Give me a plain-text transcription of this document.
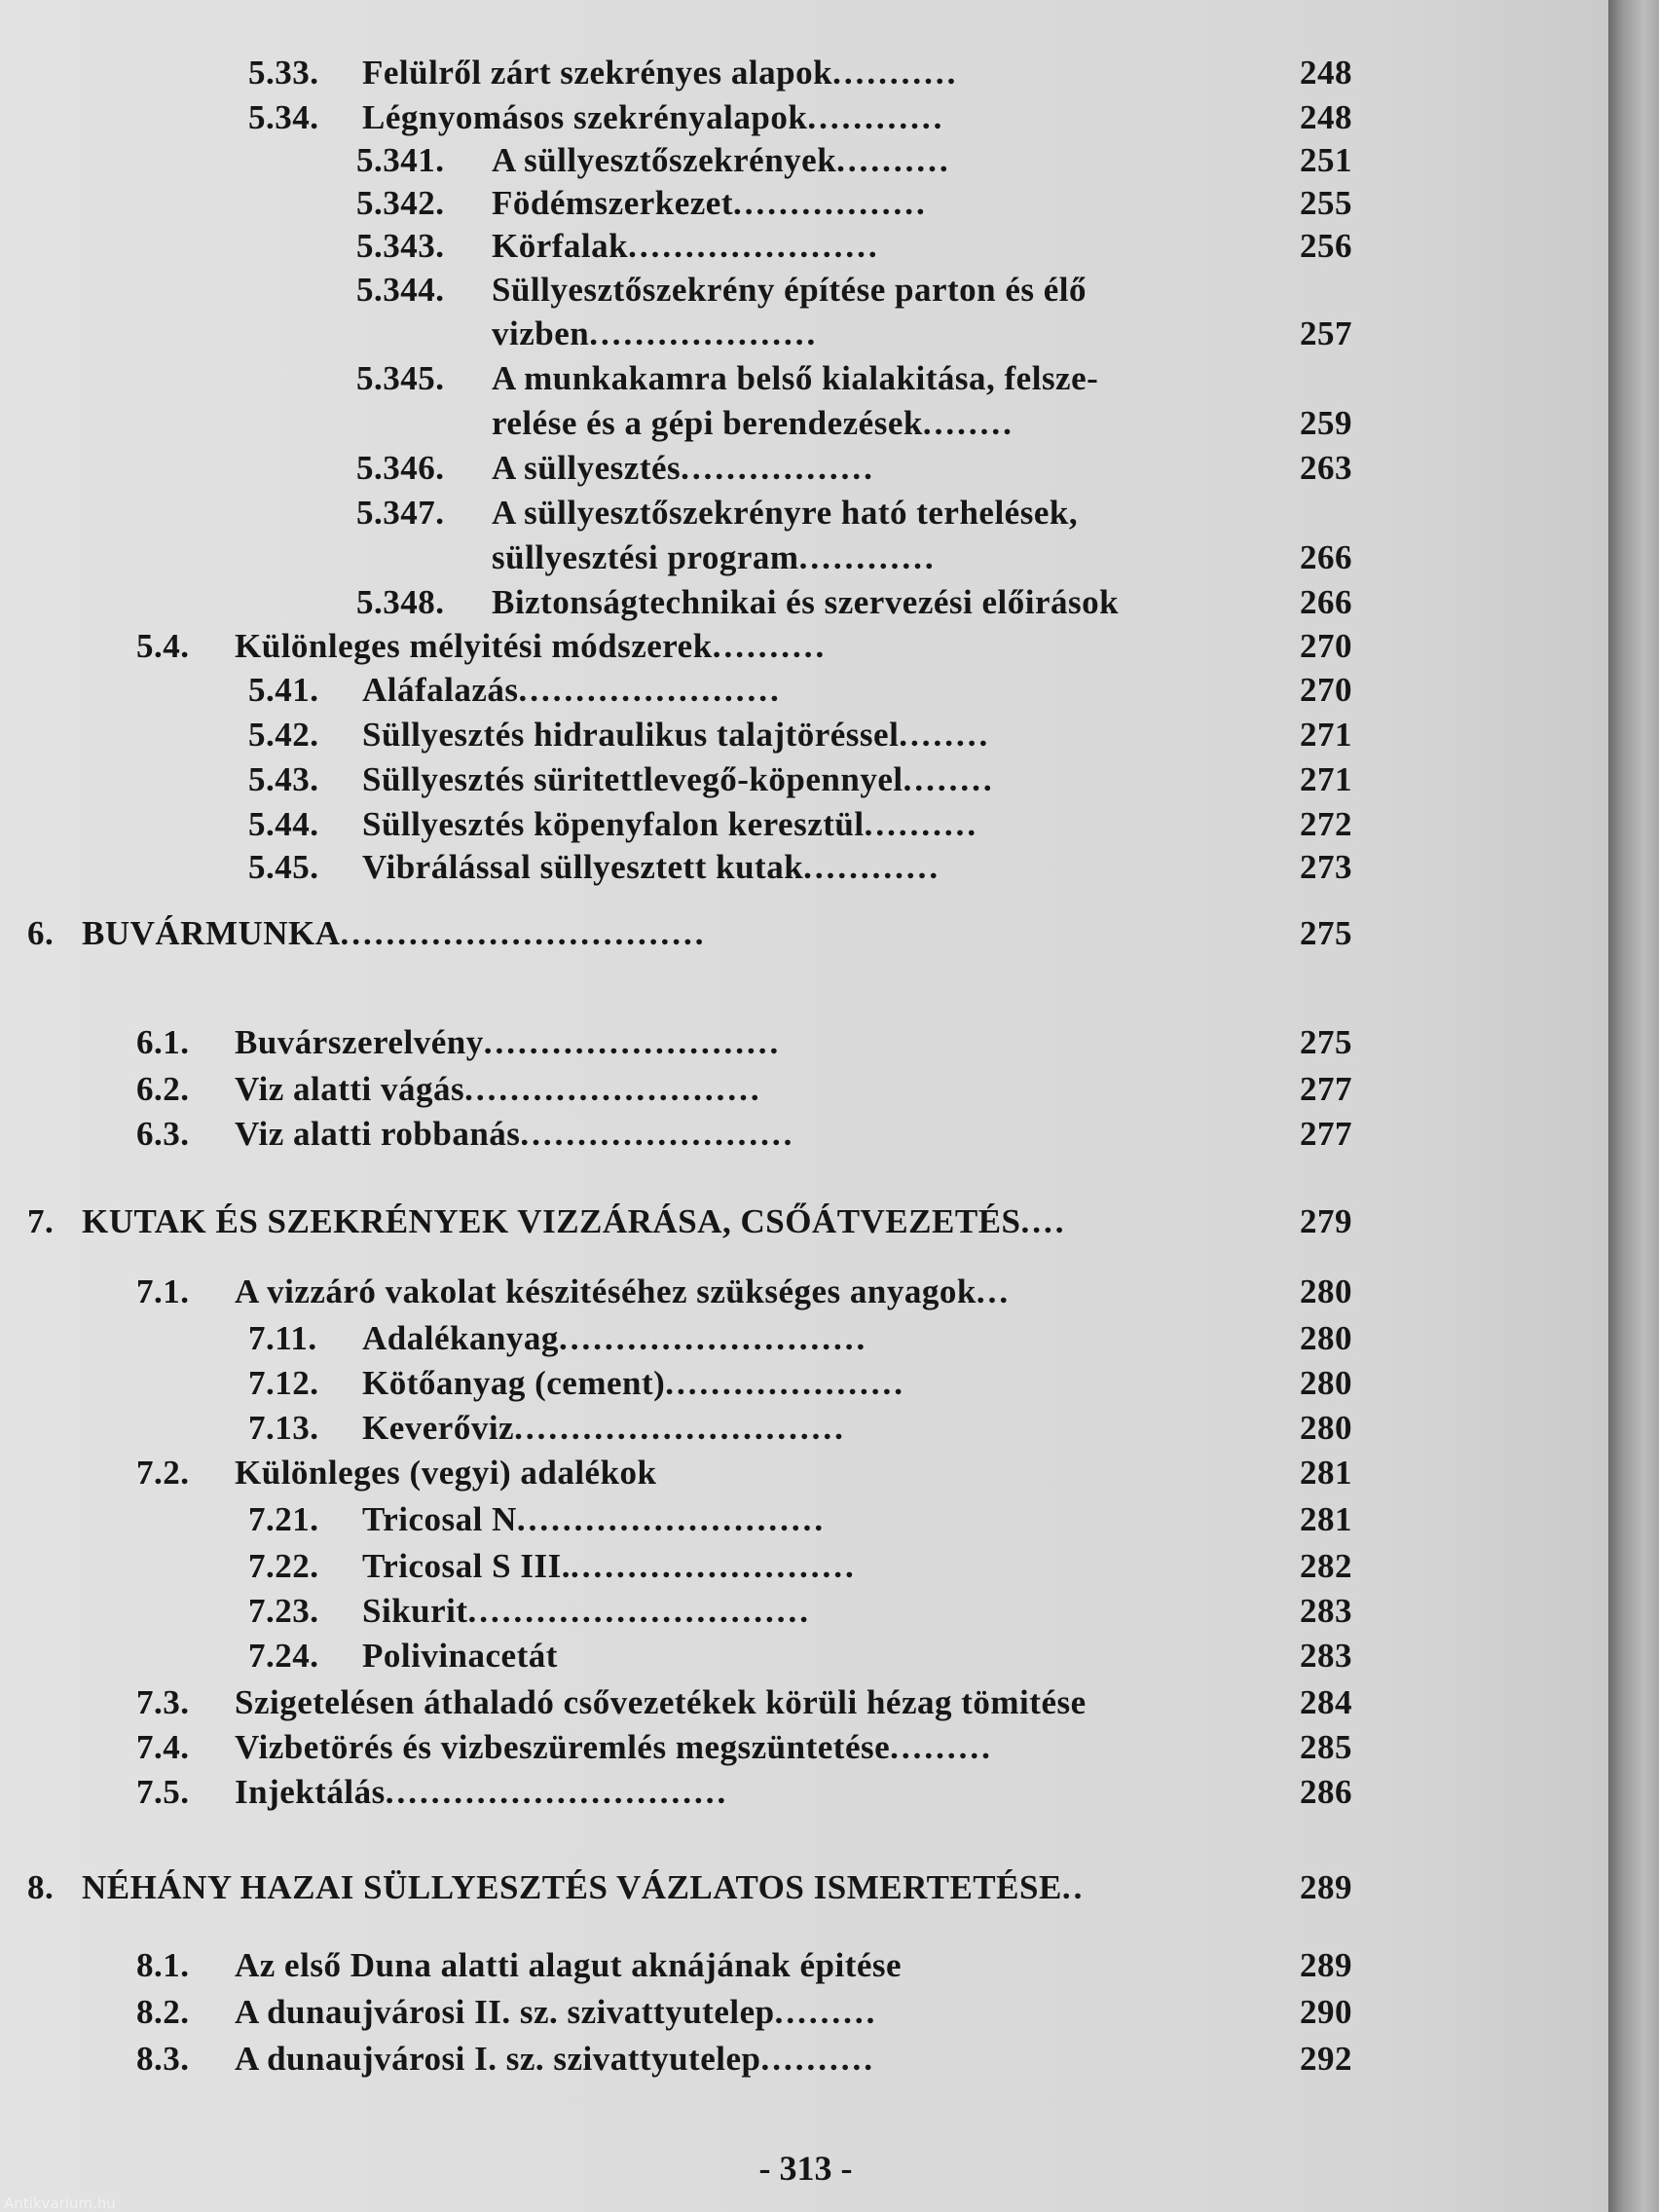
5.33. Felülről zárt szekrényes alapok...........	248
5.34. Légnyomásos szekrényalapok............	248
5.341. A süllyesztőszekrények..........	251
5.342. Födémszerkezet.................	255
5.343. Körfalak......................	256
5.344. Süllyesztőszekrény építése parton és élő
vizben....................	257
5.345. A munkakamra belső kialakitása, felsze-
relése és a gépi berendezések........	259
5.346. A süllyesztés.................	263
5.347. A süllyesztőszekrényre ható terhelések,
süllyesztési program............	266
5.348. Biztonságtechnikai és szervezési előirások	266
5.4. Különleges mélyitési módszerek..........	270
5.41. Aláfalazás.......................	270
5.42. Süllyesztés hidraulikus talajtöréssel........	271
5.43. Süllyesztés süritettlevegő-köpennyel........	271
5.44. Süllyesztés köpenyfalon keresztül..........	272
5.45. Vibrálással süllyesztett kutak............	273
6. BUVÁRMUNKA................................	275
6.1. Buvárszerelvény..........................	275
6.2. Viz alatti vágás..........................	277
6.3. Viz alatti robbanás........................	277
7. KUTAK ÉS SZEKRÉNYEK VIZZÁRÁSA, CSŐÁTVEZETÉS....	279
7.1. A vizzáró vakolat készitéséhez szükséges anyagok...	280
7.11. Adalékanyag...........................	280
7.12. Kötőanyag (cement).....................	280
7.13. Keverőviz.............................	280
7.2. Különleges (vegyi) adalékok	281
7.21. Tricosal N...........................	281
7.22. Tricosal S III..........................	282
7.23. Sikurit..............................	283
7.24. Polivinacetát	283
7.3. Szigetelésen áthaladó csővezetékek körüli hézag tömitése	284
7.4. Vizbetörés és vizbeszüremlés megszüntetése.........	285
7.5. Injektálás..............................	286
8. NÉHÁNY HAZAI SÜLLYESZTÉS VÁZLATOS ISMERTETÉSE..	289
8.1. Az első Duna alatti alagut aknájának épitése	289
8.2. A dunaujvárosi II. sz. szivattyutelep.........	290
8.3. A dunaujvárosi I. sz. szivattyutelep..........	292
- 313 -
Antikvarium.hu
